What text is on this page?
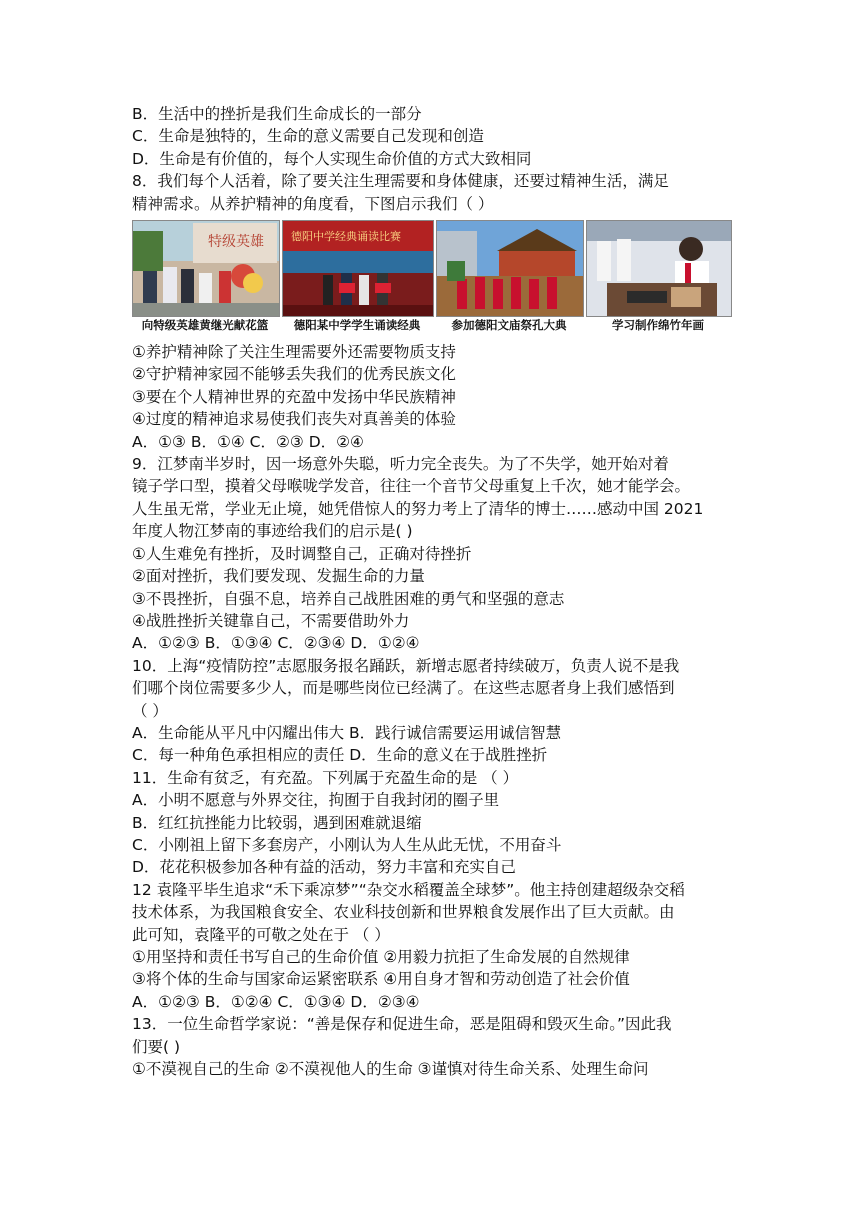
B．生活中的挫折是我们生命成长的一部分
C．生命是独特的，生命的意义需要自己发现和创造
D．生命是有价值的，每个人实现生命价值的方式大致相同
8．我们每个人活着，除了要关注生理需要和身体健康，还要过精神生活，满足
精神需求。从养护精神的角度看，下图启示我们（ ）
特级英雄 德阳中学经典诵读比赛
向特级英雄黄继光献花篮	德阳某中学学生诵读经典	参加德阳文庙祭孔大典	学习制作绵竹年画
①养护精神除了关注生理需要外还需要物质支持
②守护精神家园不能够丢失我们的优秀民族文化
③要在个人精神世界的充盈中发扬中华民族精神
④过度的精神追求易使我们丧失对真善美的体验
A．①③ B．①④ C．②③ D．②④
9．江梦南半岁时，因一场意外失聪，听力完全丧失。为了不失学，她开始对着
镜子学口型，摸着父母喉咙学发音，往往一个音节父母重复上千次，她才能学会。
人生虽无常，学业无止境，她凭借惊人的努力考上了清华的博士……感动中国 2021
年度人物江梦南的事迹给我们的启示是( )
①人生难免有挫折，及时调整自己，正确对待挫折
②面对挫折，我们要发现、发掘生命的力量
③不畏挫折，自强不息，培养自己战胜困难的勇气和坚强的意志
④战胜挫折关键靠自己，不需要借助外力
A．①②③ B．①③④ C．②③④ D．①②④
10．上海“疫情防控”志愿服务报名踊跃，新增志愿者持续破万，负责人说不是我
们哪个岗位需要多少人，而是哪些岗位已经满了。在这些志愿者身上我们感悟到
（ ）
A．生命能从平凡中闪耀出伟大 B．践行诚信需要运用诚信智慧
C．每一种角色承担相应的责任 D．生命的意义在于战胜挫折
11．生命有贫乏，有充盈。下列属于充盈生命的是 （ ）
A．小明不愿意与外界交往，拘囿于自我封闭的圈子里
B．红红抗挫能力比较弱，遇到困难就退缩
C．小刚祖上留下多套房产，小刚认为人生从此无忧，不用奋斗
D．花花积极参加各种有益的活动，努力丰富和充实自己
12 袁隆平毕生追求“禾下乘凉梦”“杂交水稻覆盖全球梦”。他主持创建超级杂交稻
技术体系，为我国粮食安全、农业科技创新和世界粮食发展作出了巨大贡献。由
此可知，袁隆平的可敬之处在于 （ ）
①用坚持和责任书写自己的生命价值 ②用毅力抗拒了生命发展的自然规律
③将个体的生命与国家命运紧密联系 ④用自身才智和劳动创造了社会价值
A．①②③ B．①②④ C．①③④ D．②③④
13．一位生命哲学家说：“善是保存和促进生命，恶是阻碍和毁灭生命。”因此我
们要( )
①不漠视自己的生命 ②不漠视他人的生命 ③谨慎对待生命关系、处理生命问
